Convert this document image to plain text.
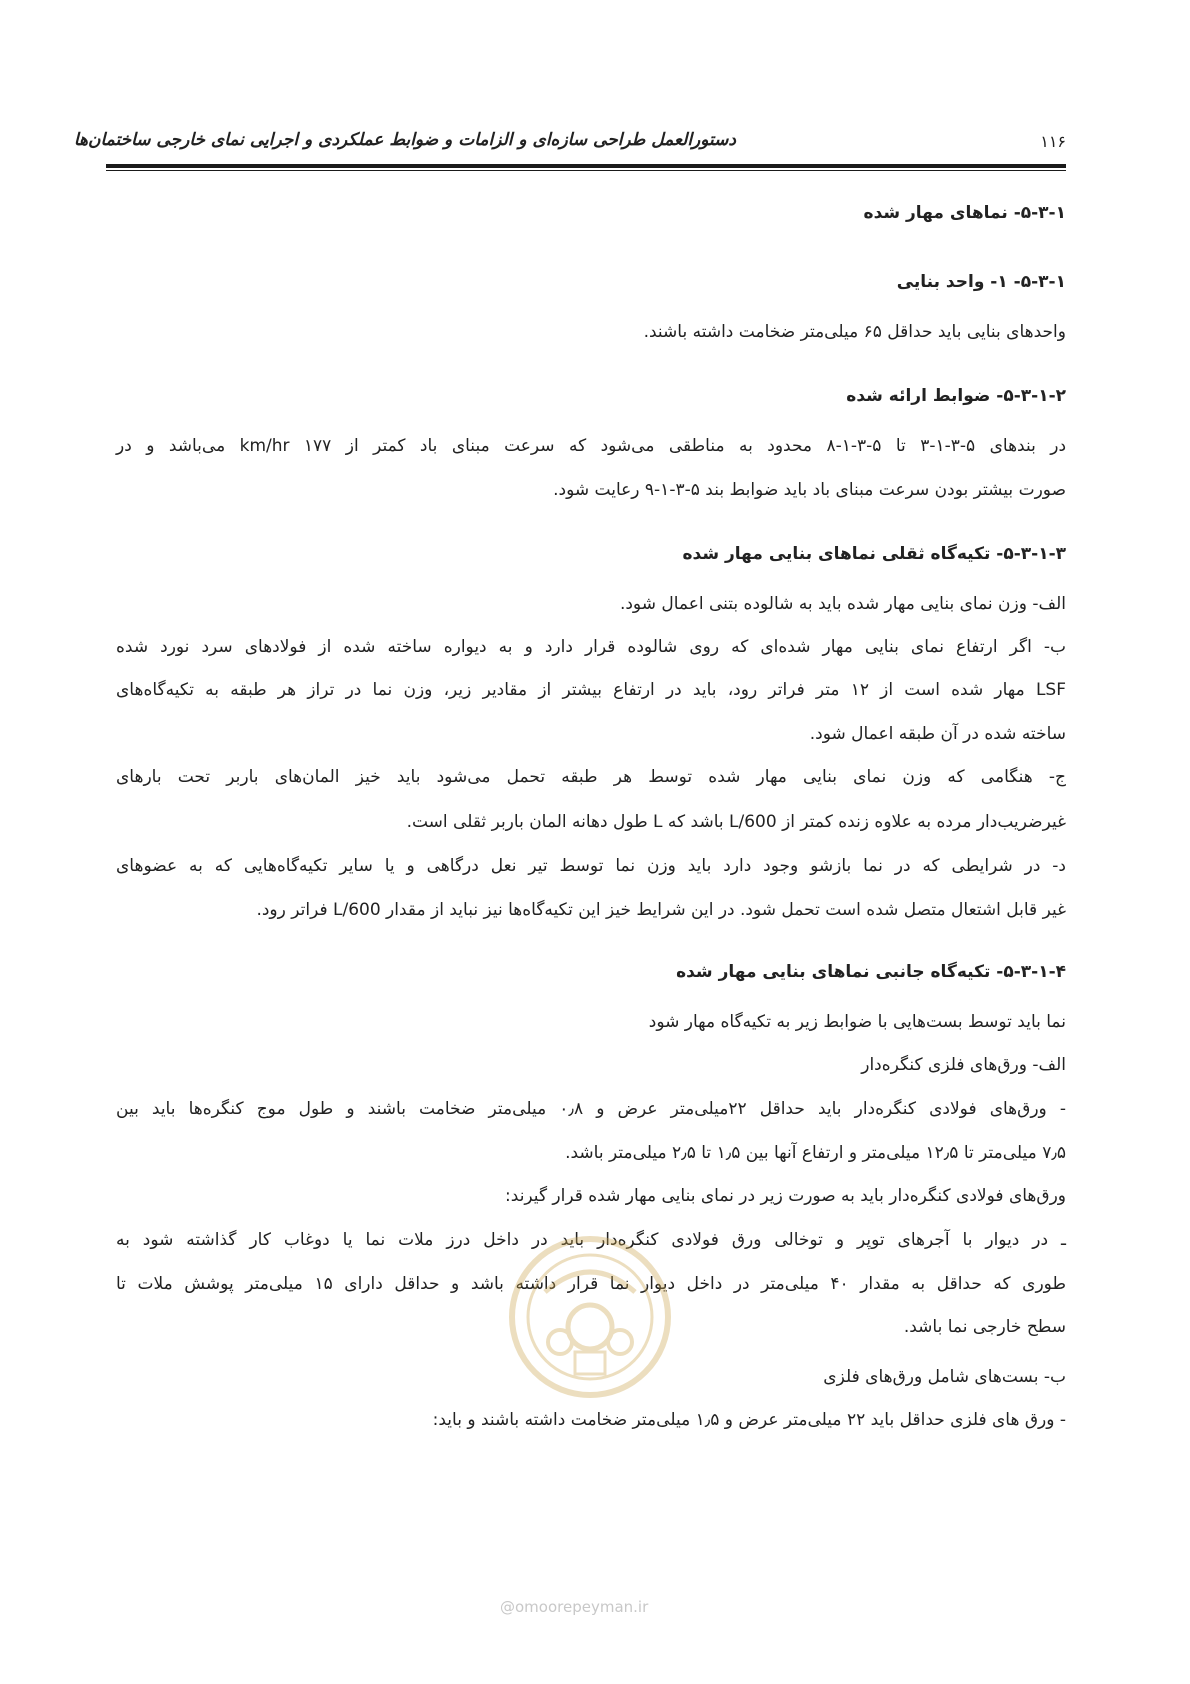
دستورالعمل طراحی سازه‌ای و الزامات و ضوابط عملکردی و اجرایی نمای خارجی ساختمان‌ها	۱۱۶
۵-۳-۱- نماهای مهار شده
۵-۳-۱- ۱- واحد بنایی
واحدهای بنایی باید حداقل ۶۵ میلی‌متر ضخامت داشته باشند.
۵-۳-۱-۲- ضوابط ارائه شده
در بندهای ۵-۳-۱-۳ تا ۵-۳-۱-۸ محدود به مناطقی می‌شود که سرعت مبنای باد کمتر از ۱۷۷ km/hr می‌باشد و در
صورت بیشتر بودن سرعت مبنای باد باید ضوابط بند ۵-۳-۱-۹ رعایت شود.
۵-۳-۱-۳- تکیه‌گاه ثقلی نماهای بنایی مهار شده
الف- وزن نمای بنایی مهار شده باید به شالوده بتنی اعمال شود.
ب- اگر ارتفاع نمای بنایی مهار شده‌ای که روی شالوده قرار دارد و به دیواره ساخته شده از فولادهای سرد نورد شده
LSF مهار شده است از ۱۲ متر فراتر رود، باید در ارتفاع بیشتر از مقادیر زیر، وزن نما در تراز هر طبقه به تکیه‌گاه‌های
ساخته شده در آن طبقه اعمال شود.
ج- هنگامی که وزن نمای بنایی مهار شده توسط هر طبقه تحمل می‌شود باید خیز المان‌های باربر تحت بارهای
غیرضریب‌دار مرده به علاوه زنده کمتر از L/600 باشد که L طول دهانه المان باربر ثقلی است.
د- در شرایطی که در نما بازشو وجود دارد باید وزن نما توسط تیر نعل درگاهی و یا سایر تکیه‌گاه‌هایی که به عضوهای
غیر قابل اشتعال متصل شده است تحمل شود. در این شرایط خیز این تکیه‌گاه‌ها نیز نباید از مقدار L/600 فراتر رود.
۵-۳-۱-۴- تکیه‌گاه جانبی نماهای بنایی مهار شده
نما باید توسط بست‌هایی با ضوابط زیر به تکیه‌گاه مهار شود
الف- ورق‌های فلزی کنگره‌دار
- ورق‌های فولادی کنگره‌دار باید حداقل ۲۲میلی‌متر عرض و ۰٫۸ میلی‌متر ضخامت باشند و طول موج کنگره‌ها باید بین
۷٫۵ میلی‌متر تا ۱۲٫۵ میلی‌متر و ارتفاع آنها بین ۱٫۵ تا ۲٫۵ میلی‌متر باشد.
ورق‌های فولادی کنگره‌دار باید به صورت زیر در نمای بنایی مهار شده قرار گیرند:
ـ در دیوار با آجرهای توپر و توخالی ورق فولادی کنگره‌دار باید در داخل درز ملات نما یا دوغاب کار گذاشته شود به
طوری که حداقل به مقدار ۴۰ میلی‌متر در داخل دیوار نما قرار داشته باشد و حداقل دارای ۱۵ میلی‌متر پوشش ملات تا
سطح خارجی نما باشد.
ب- بست‌های شامل ورق‌های فلزی
- ورق های فلزی حداقل باید ۲۲ میلی‌متر عرض و ۱٫۵ میلی‌متر ضخامت داشته باشند و باید:
@omoorepeyman.ir
